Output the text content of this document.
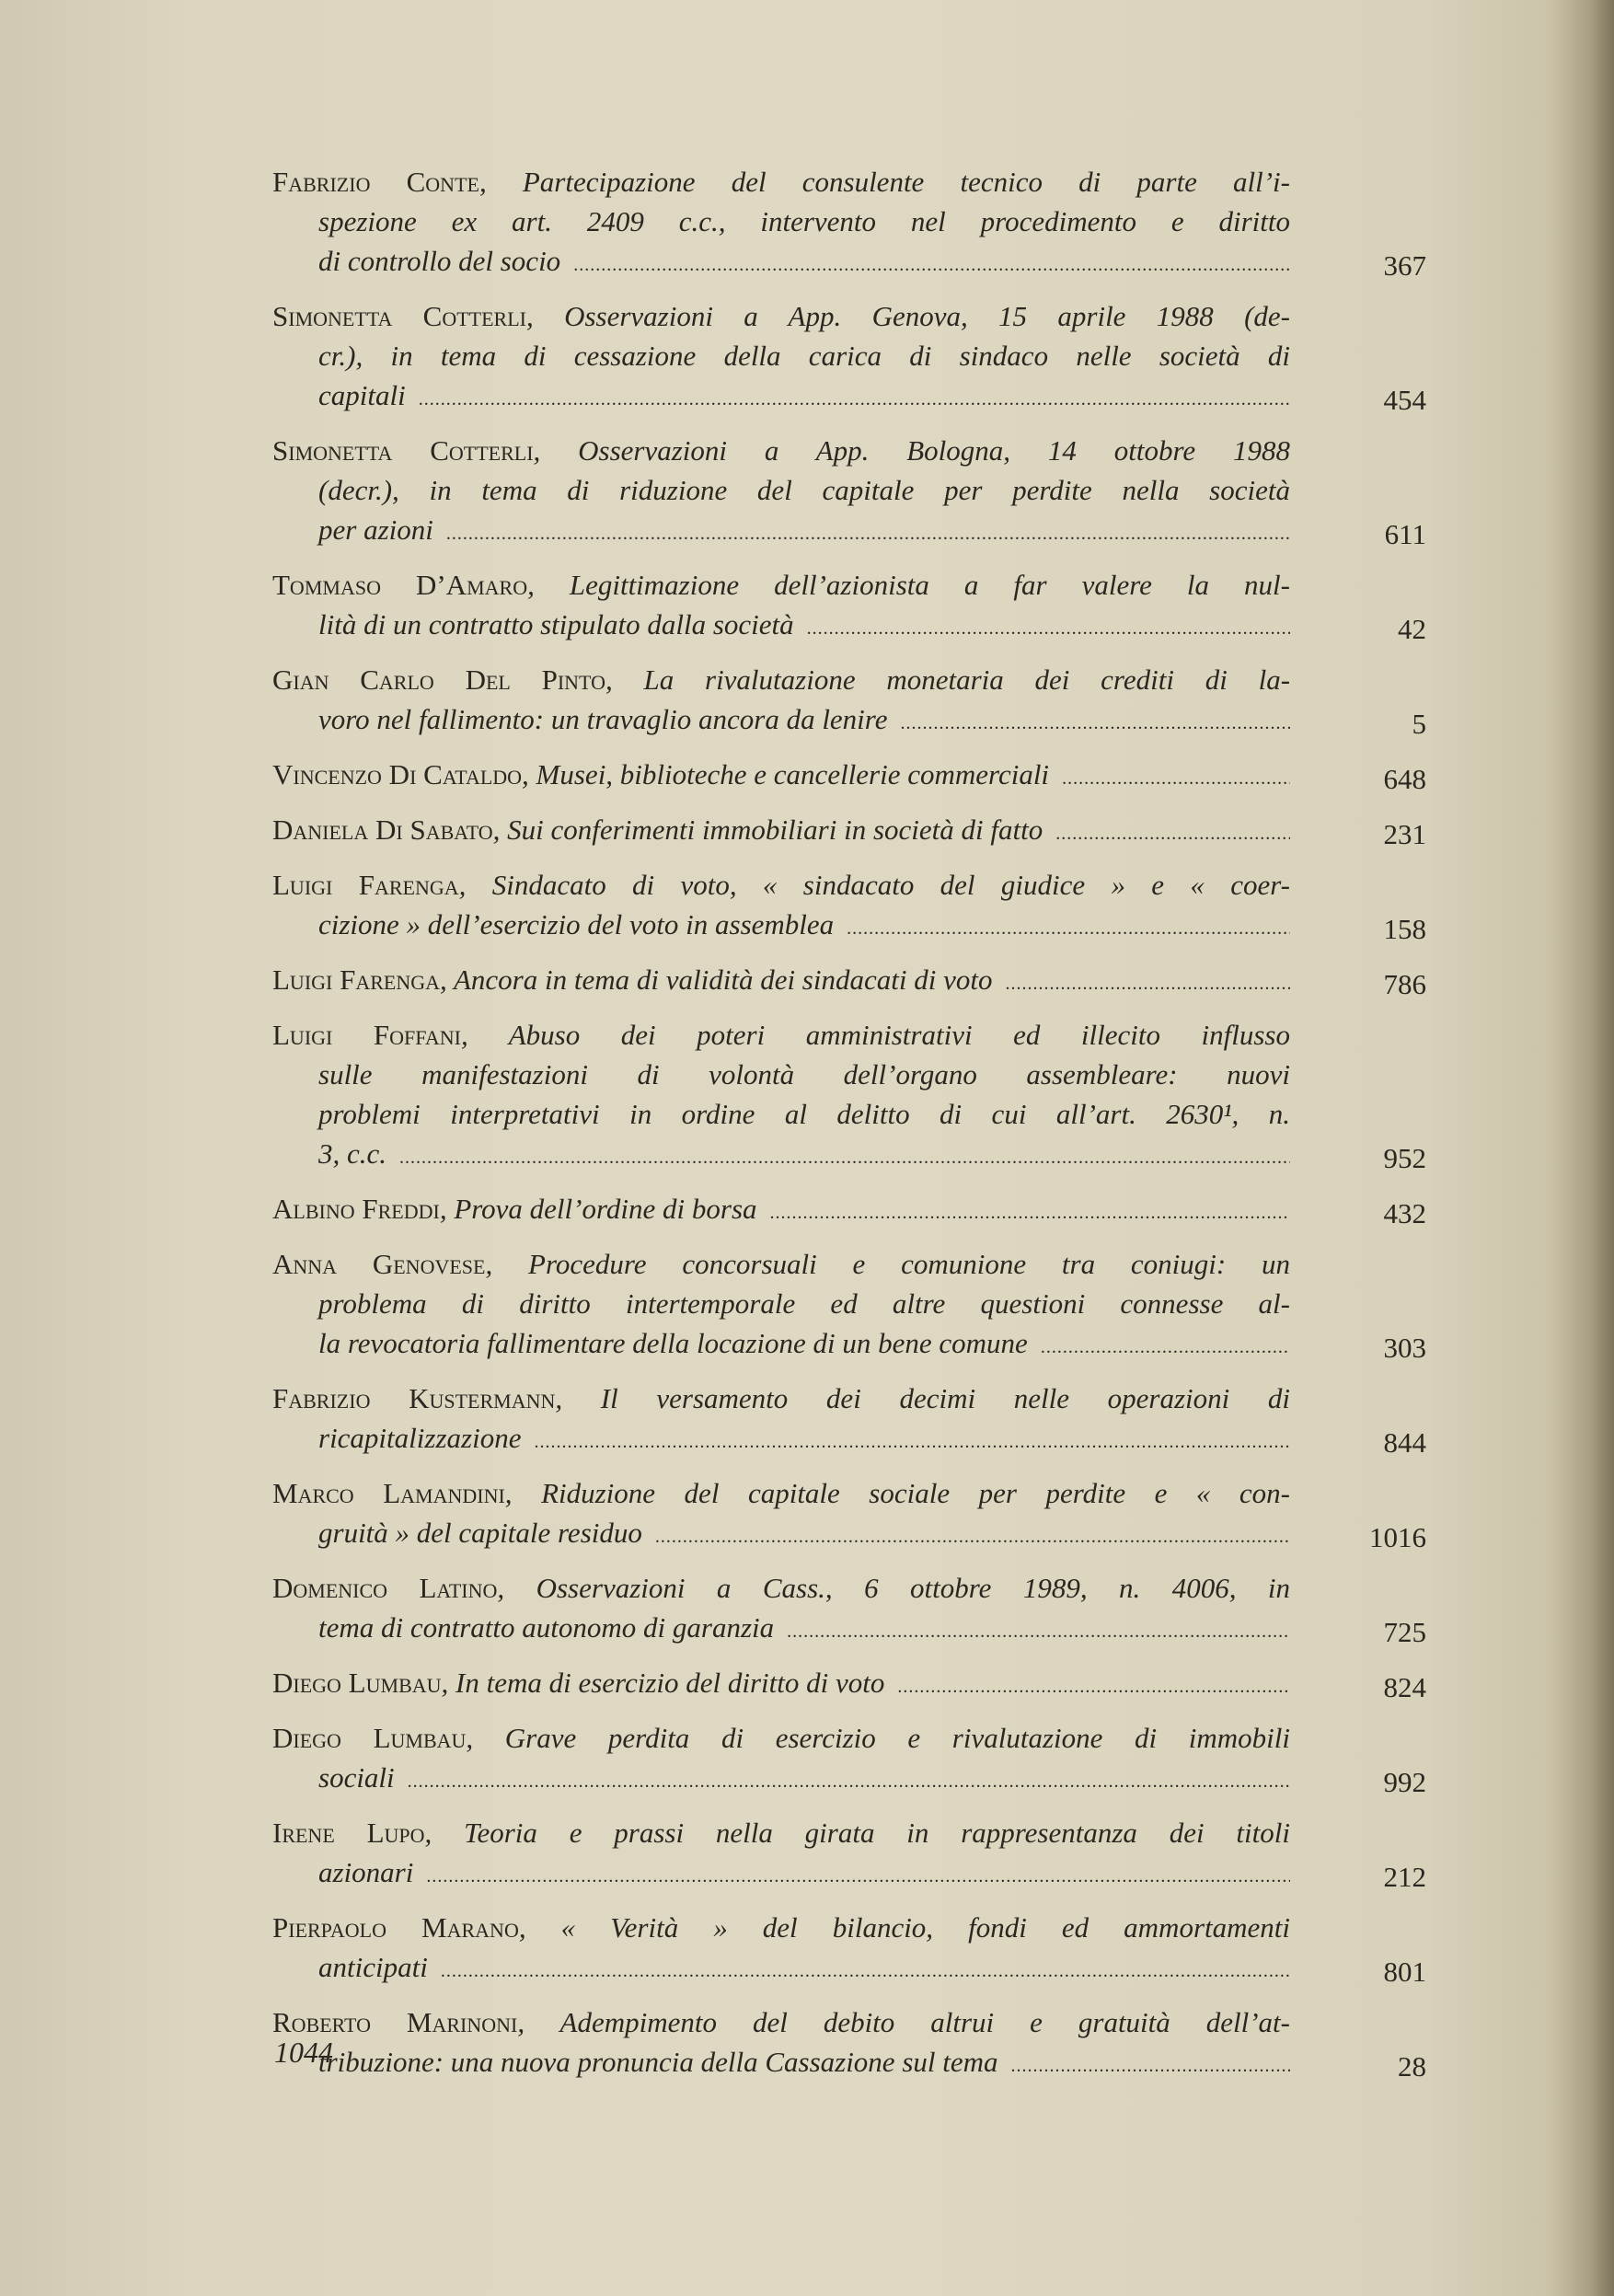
Fabrizio Conte, Partecipazione del consulente tecnico di parte all’i-
spezione ex art. 2409 c.c., intervento nel procedimento e diritto
di controllo del socio .....	367
Simonetta Cotterli, Osservazioni a App. Genova, 15 aprile 1988 (de-
cr.), in tema di cessazione della carica di sindaco nelle società di
capitali .....	454
Simonetta Cotterli, Osservazioni a App. Bologna, 14 ottobre 1988
(decr.), in tema di riduzione del capitale per perdite nella società
per azioni .....	611
Tommaso D’Amaro, Legittimazione dell’azionista a far valere la nul-
lità di un contratto stipulato dalla società .....	42
Gian Carlo Del Pinto, La rivalutazione monetaria dei crediti di la-
voro nel fallimento: un travaglio ancora da lenire .....	5
Vincenzo Di Cataldo, Musei, biblioteche e cancellerie commerciali .....	648
Daniela Di Sabato, Sui conferimenti immobiliari in società di fatto .....	231
Luigi Farenga, Sindacato di voto, « sindacato del giudice » e « coer-
cizione » dell’esercizio del voto in assemblea .....	158
Luigi Farenga, Ancora in tema di validità dei sindacati di voto .....	786
Luigi Foffani, Abuso dei poteri amministrativi ed illecito influsso
sulle manifestazioni di volontà dell’organo assembleare: nuovi
problemi interpretativi in ordine al delitto di cui all’art. 2630¹, n.
3, c.c. .....	952
Albino Freddi, Prova dell’ordine di borsa .....	432
Anna Genovese, Procedure concorsuali e comunione tra coniugi: un
problema di diritto intertemporale ed altre questioni connesse al-
la revocatoria fallimentare della locazione di un bene comune .....	303
Fabrizio Kustermann, Il versamento dei decimi nelle operazioni di
ricapitalizzazione .....	844
Marco Lamandini, Riduzione del capitale sociale per perdite e « con-
gruità » del capitale residuo .....	1016
Domenico Latino, Osservazioni a Cass., 6 ottobre 1989, n. 4006, in
tema di contratto autonomo di garanzia .....	725
Diego Lumbau, In tema di esercizio del diritto di voto .....	824
Diego Lumbau, Grave perdita di esercizio e rivalutazione di immobili
sociali .....	992
Irene Lupo, Teoria e prassi nella girata in rappresentanza dei titoli
azionari .....	212
Pierpaolo Marano, « Verità » del bilancio, fondi ed ammortamenti
anticipati .....	801
Roberto Marinoni, Adempimento del debito altrui e gratuità dell’at-
tribuzione: una nuova pronuncia della Cassazione sul tema .....	28
1044
